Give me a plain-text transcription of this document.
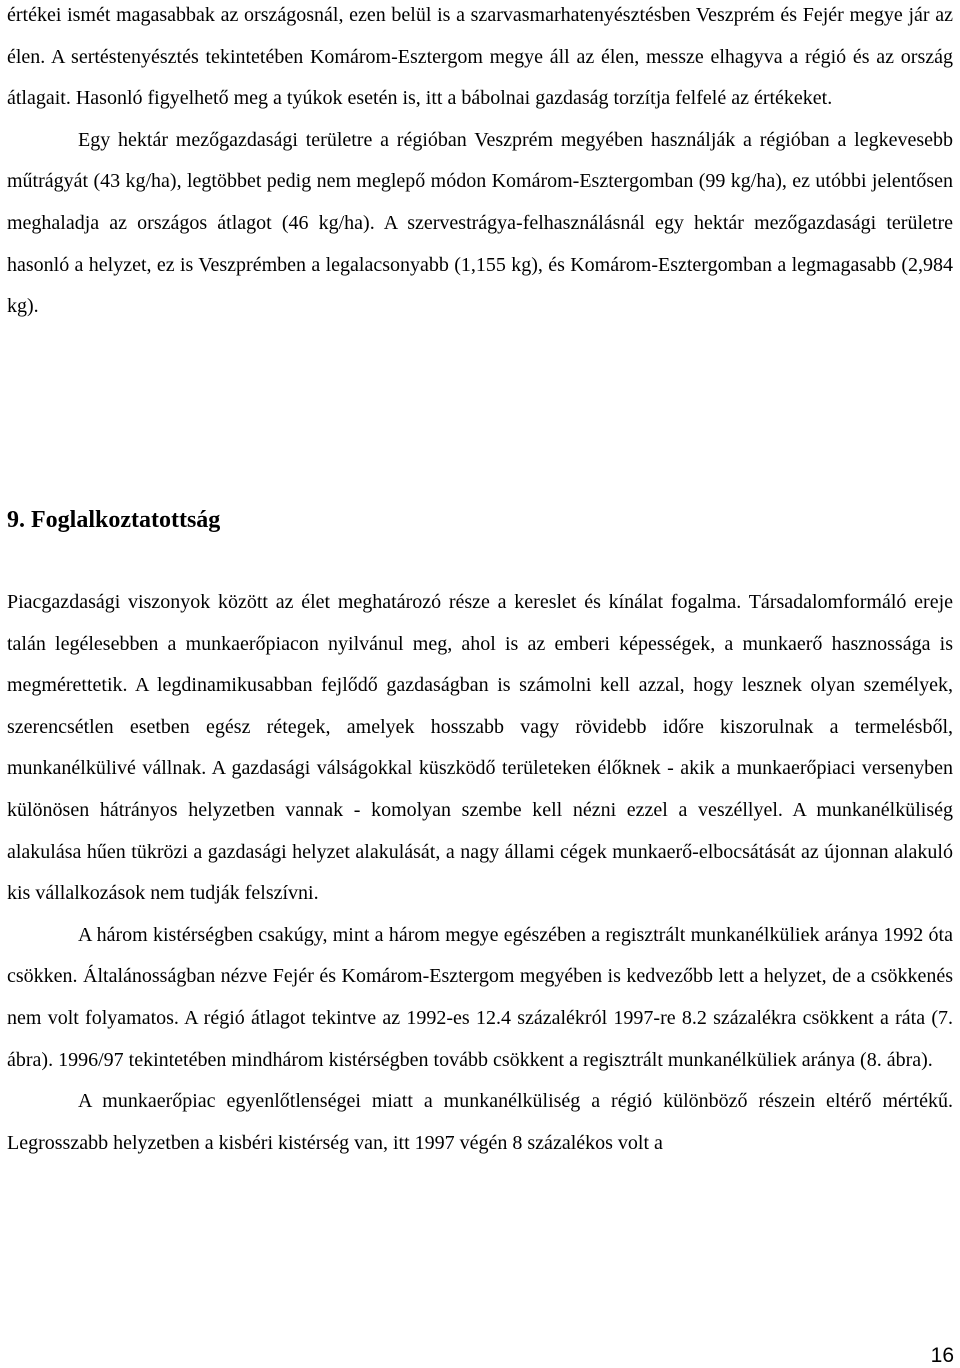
értékei ismét magasabbak az országosnál, ezen belül is a szarvasmarhatenyésztésben Veszprém és Fejér megye jár az élen. A sertéstenyésztés tekintetében Komárom-Esztergom megye áll az élen, messze elhagyva a régió és az ország átlagait. Hasonló figyelhető meg a tyúkok esetén is, itt a bábolnai gazdaság torzítja felfelé az értékeket.

Egy hektár mezőgazdasági területre a régióban Veszprém megyében használják a régióban a legkevesebb műtrágyát (43 kg/ha), legtöbbet pedig nem meglepő módon Komárom-Esztergomban (99 kg/ha), ez utóbbi jelentősen meghaladja az országos átlagot (46 kg/ha). A szervestrágya-felhasználásnál egy hektár mezőgazdasági területre hasonló a helyzet, ez is Veszprémben a legalacsonyabb (1,155 kg), és Komárom-Esztergomban a legmagasabb (2,984 kg).

9. Foglalkoztatottság

Piacgazdasági viszonyok között az élet meghatározó része a kereslet és kínálat fogalma. Társadalomformáló ereje talán legélesebben a munkaerőpiacon nyilvánul meg, ahol is az emberi képességek, a munkaerő hasznossága is megmérettetik. A legdinamikusabban fejlődő gazdaságban is számolni kell azzal, hogy lesznek olyan személyek, szerencsétlen esetben egész rétegek, amelyek hosszabb vagy rövidebb időre kiszorulnak a termelésből, munkanélkülivé vállnak. A gazdasági válságokkal küszködő területeken élőknek - akik a munkaerőpiaci versenyben különösen hátrányos helyzetben vannak - komolyan szembe kell nézni ezzel a veszéllyel. A munkanélküliség alakulása hűen tükrözi a gazdasági helyzet alakulását, a nagy állami cégek munkaerő-elbocsátását az újonnan alakuló kis vállalkozások nem tudják felszívni.

A három kistérségben csakúgy, mint a három megye egészében a regisztrált munkanélküliek aránya 1992 óta csökken. Általánosságban nézve Fejér és Komárom-Esztergom megyében is kedvezőbb lett a helyzet, de a csökkenés nem volt folyamatos. A régió átlagot tekintve az 1992-es 12.4 százalékról 1997-re 8.2 százalékra csökkent a ráta (7. ábra). 1996/97 tekintetében mindhárom kistérségben tovább csökkent a regisztrált munkanélküliek aránya (8. ábra).

A munkaerőpiac egyenlőtlenségei miatt a munkanélküliség a régió különböző részein eltérő mértékű. Legrosszabb helyzetben a kisbéri kistérség van, itt 1997 végén 8 százalékos volt a

16
